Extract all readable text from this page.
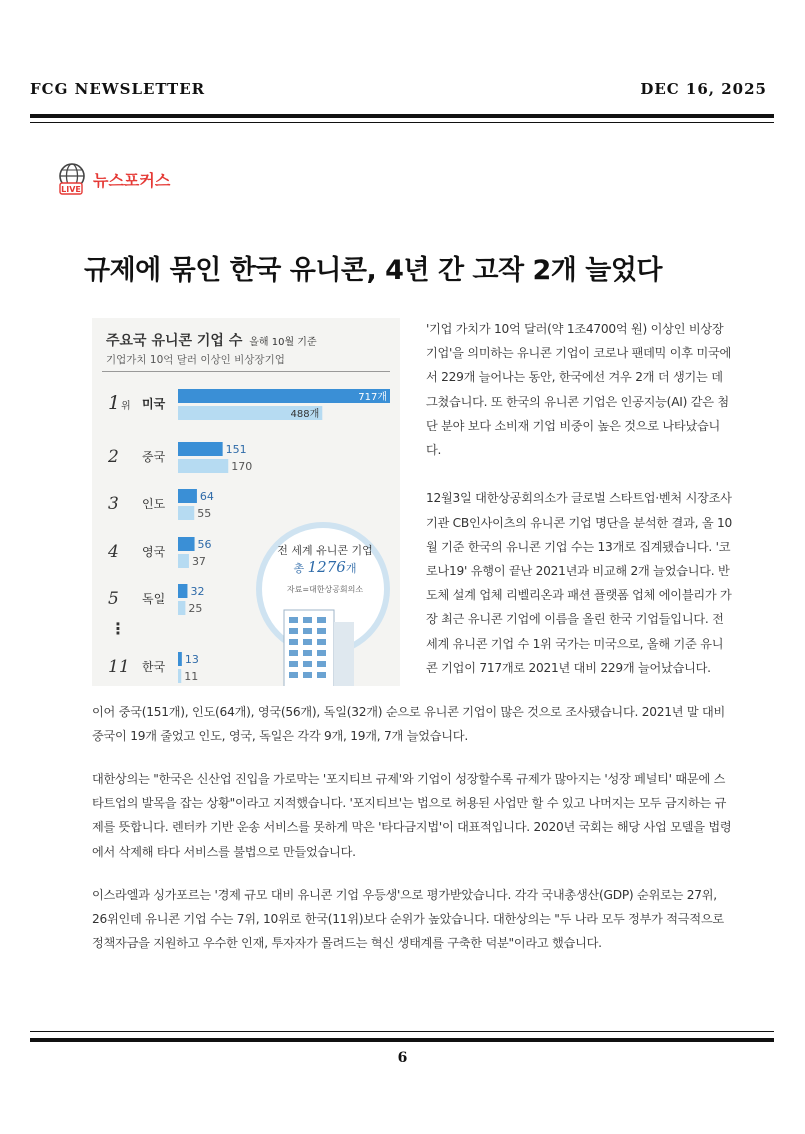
FCG NEWSLETTER	DEC 16, 2025
LIVE 뉴스포커스
규제에 묶인 한국 유니콘, 4년 간 고작 2개 늘었다
주요국 유니콘 기업 수 올해 10월 기준
기업가치 10억 달러 이상인 비상장기업
전 세계 유니콘 기업
총 1276개
자료=대한상공회의소
1 위 미국	717개
488개
2 중국
151
170
3 인도
64
55
4 영국
56
37
5 독일
32
25
11 한국
13
11
⋮

'기업 가치가 10억 달러(약 1조4700억 원) 이상인 비상장 기업'을 의미하는 유니콘 기업이 코로나 팬데믹 이후 미국에서 229개 늘어나는 동안, 한국에선 겨우 2개 더 생기는 데 그쳤습니다. 또 한국의 유니콘 기업은 인공지능(AI) 같은 첨단 분야 보다 소비재 기업 비중이 높은 것으로 나타났습니다.

12월3일 대한상공회의소가 글로벌 스타트업·벤처 시장조사 기관 CB인사이츠의 유니콘 기업 명단을 분석한 결과, 올 10월 기준 한국의 유니콘 기업 수는 13개로 집계됐습니다. '코로나19' 유행이 끝난 2021년과 비교해 2개 늘었습니다. 반도체 설계 업체 리벨리온과 패션 플랫폼 업체 에이블리가 가장 최근 유니콘 기업에 이름을 올린 한국 기업들입니다. 전 세계 유니콘 기업 수 1위 국가는 미국으로, 올해 기준 유니콘 기업이 717개로 2021년 대비 229개 늘어났습니다.

이어 중국(151개), 인도(64개), 영국(56개), 독일(32개) 순으로 유니콘 기업이 많은 것으로 조사됐습니다. 2021년 말 대비 중국이 19개 줄었고 인도, 영국, 독일은 각각 9개, 19개, 7개 늘었습니다.

대한상의는 "한국은 신산업 진입을 가로막는 '포지티브 규제'와 기업이 성장할수록 규제가 많아지는 '성장 페널티' 때문에 스타트업의 발목을 잡는 상황"이라고 지적했습니다. '포지티브'는 법으로 허용된 사업만 할 수 있고 나머지는 모두 금지하는 규제를 뜻합니다. 렌터카 기반 운송 서비스를 못하게 막은 '타다금지법'이 대표적입니다. 2020년 국회는 해당 사업 모델을 법령에서 삭제해 타다 서비스를 불법으로 만들었습니다.

이스라엘과 싱가포르는 '경제 규모 대비 유니콘 기업 우등생'으로 평가받았습니다. 각각 국내총생산(GDP) 순위로는 27위, 26위인데 유니콘 기업 수는 7위, 10위로 한국(11위)보다 순위가 높았습니다. 대한상의는 "두 나라 모두 정부가 적극적으로 정책자금을 지원하고 우수한 인재, 투자자가 몰려드는 혁신 생태계를 구축한 덕분"이라고 했습니다.

6
